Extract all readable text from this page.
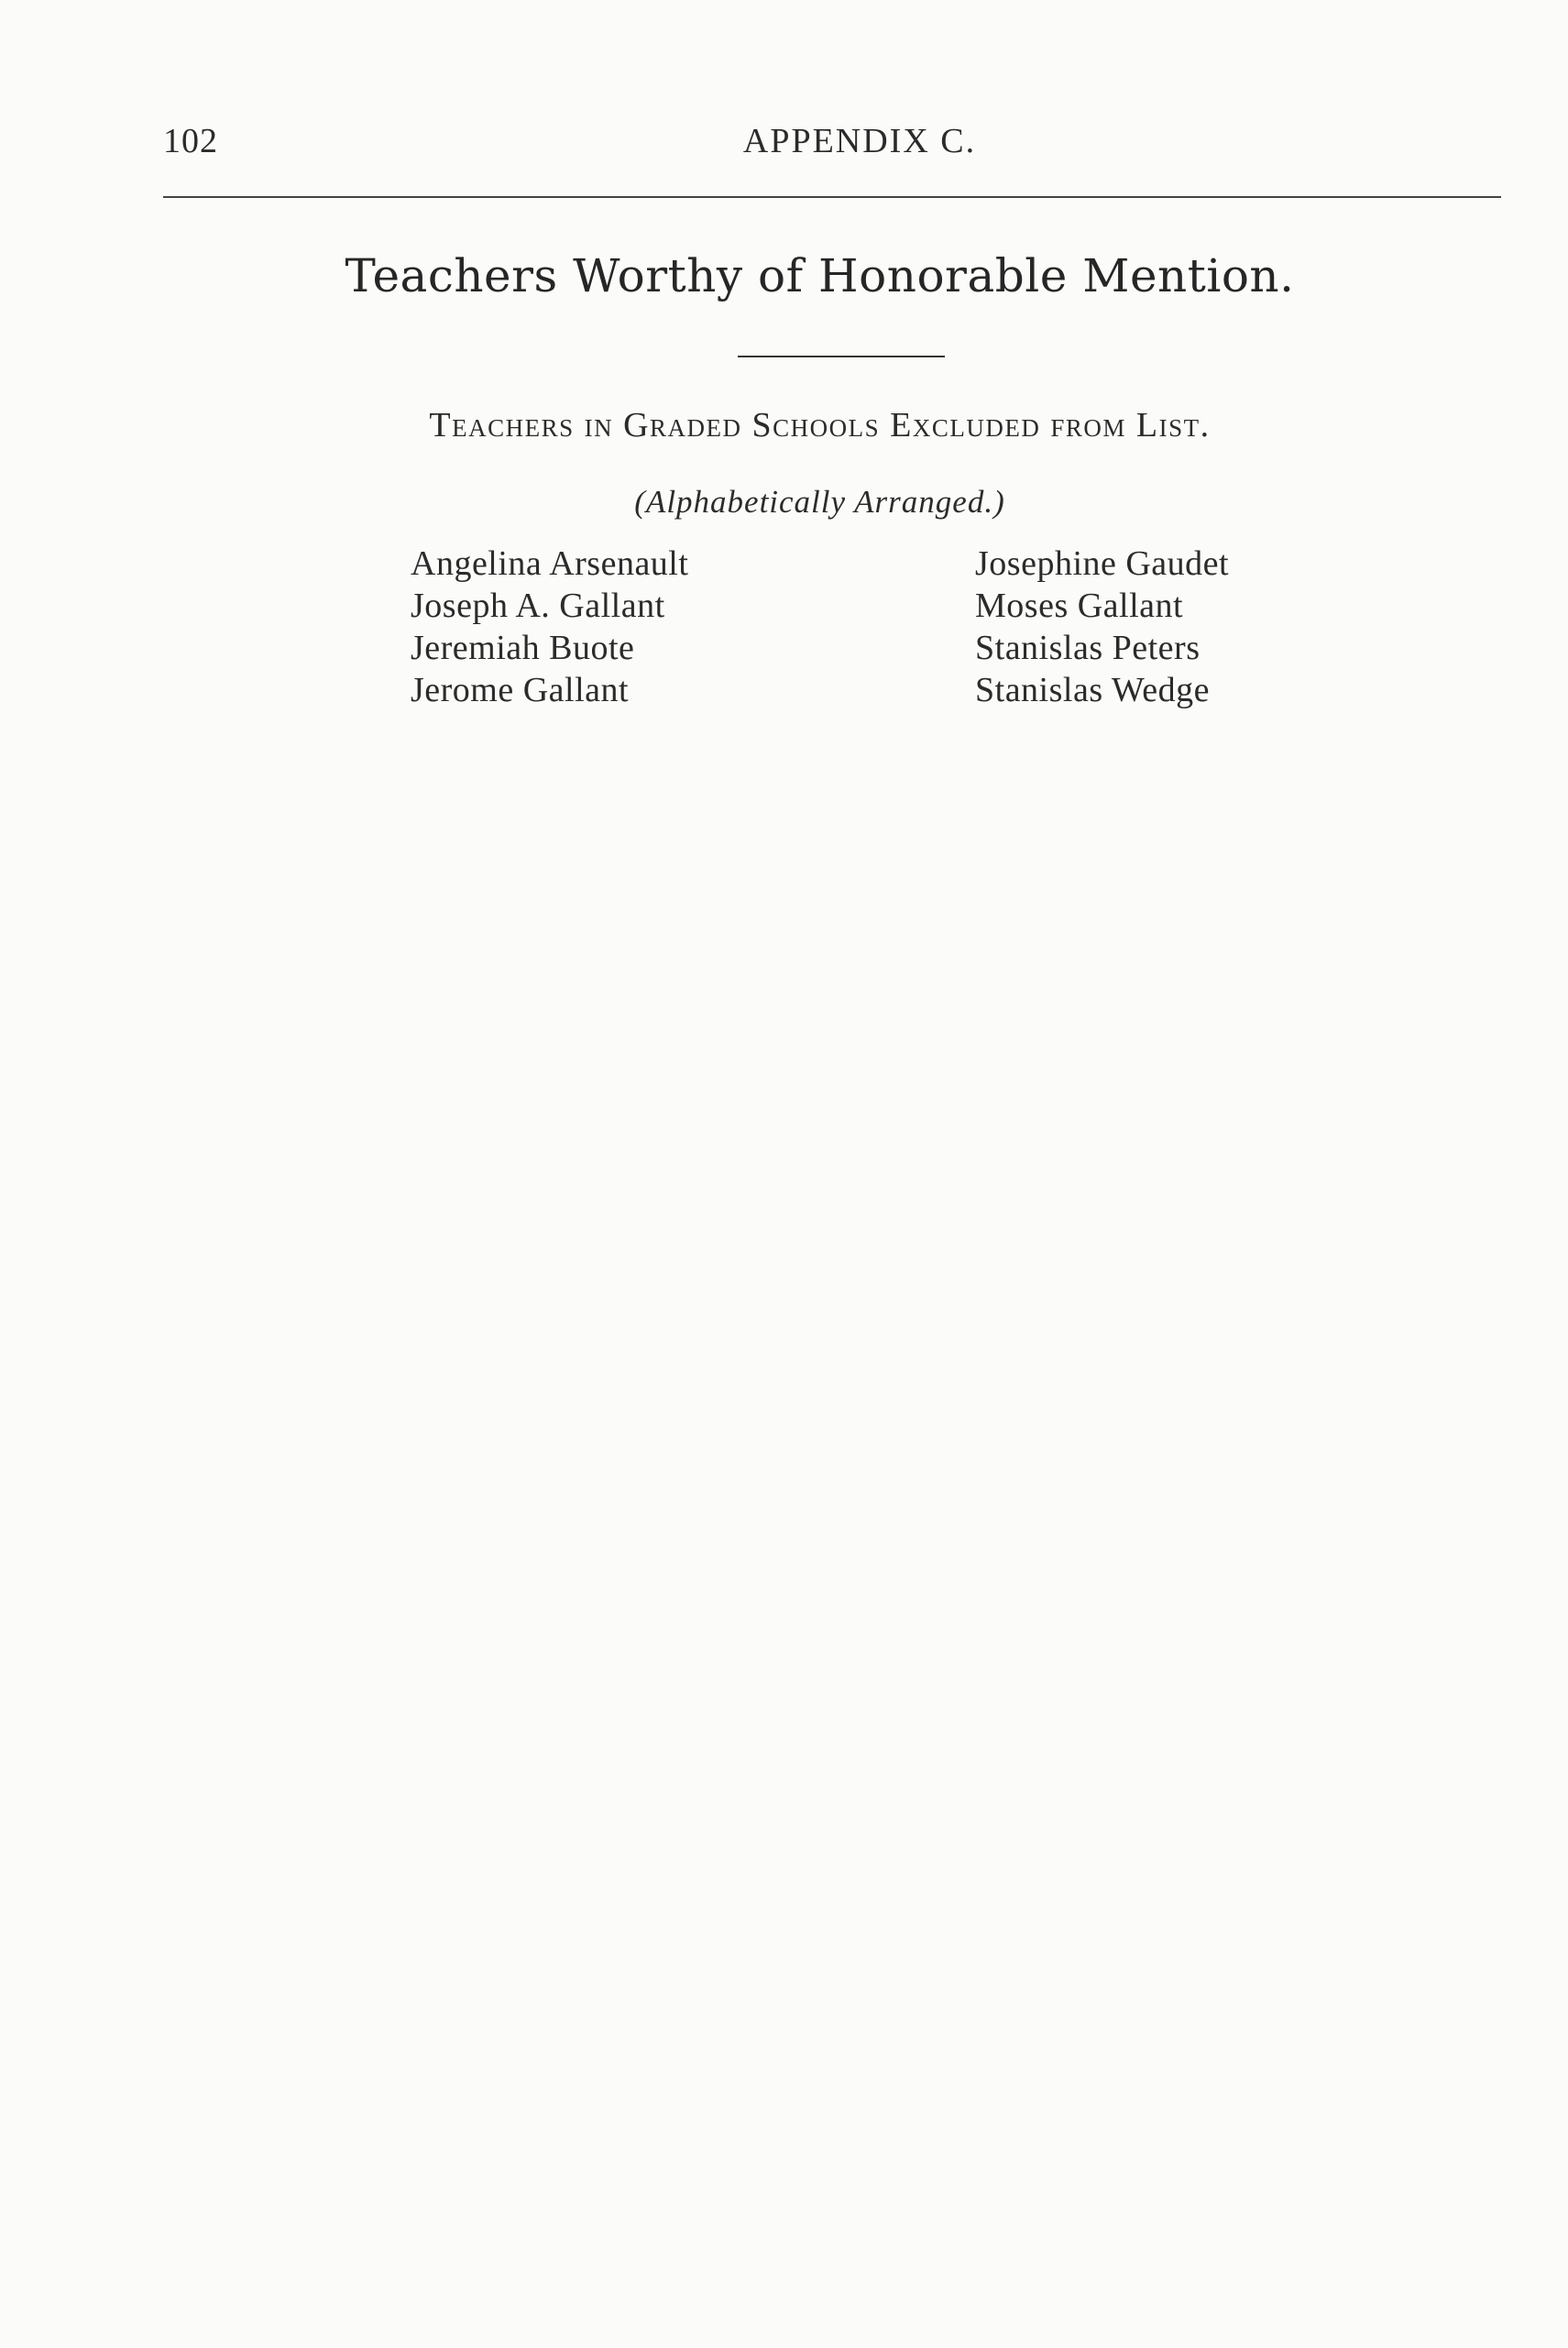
102	APPENDIX C.
Teachers Worthy of Honorable Mention.
Teachers in Graded Schools Excluded from List.
(Alphabetically Arranged.)
Angelina Arsenault
Joseph A. Gallant
Jeremiah Buote
Jerome Gallant
Josephine Gaudet
Moses Gallant
Stanislas Peters
Stanislas Wedge
